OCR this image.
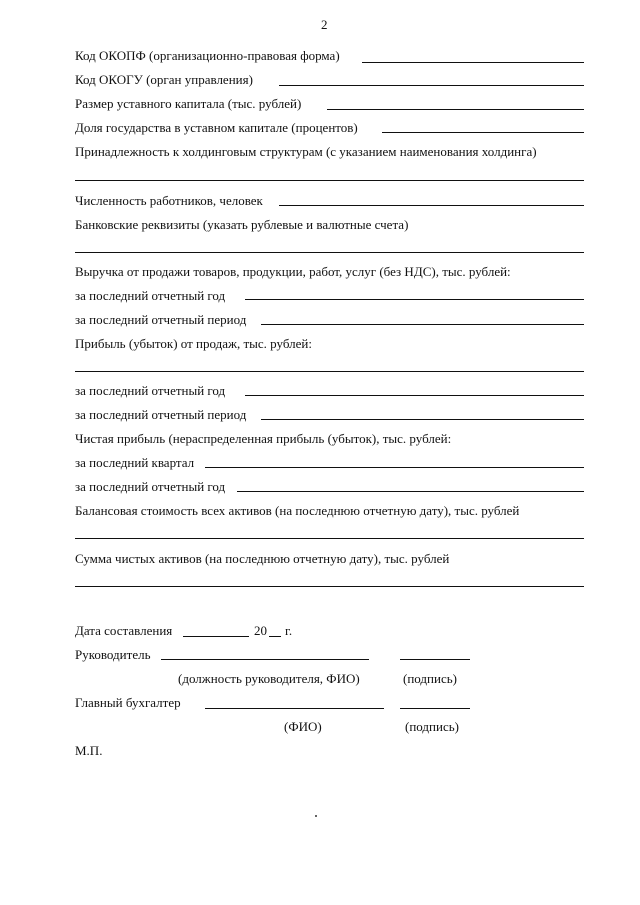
2
Код ОКОПФ (организационно-правовая форма)
Код ОКОГУ (орган управления)
Размер уставного капитала (тыс. рублей)
Доля государства в уставном капитале (процентов)
Принадлежность к холдинговым структурам (с указанием наименования холдинга)
Численность работников, человек
Банковские реквизиты (указать рублевые и валютные счета)
Выручка от продажи товаров, продукции, работ, услуг (без НДС), тыс. рублей:
за последний отчетный год
за последний отчетный период
Прибыль (убыток) от продаж, тыс. рублей:
за последний отчетный год
за последний отчетный период
Чистая прибыль (нераспределенная прибыль (убыток), тыс. рублей:
за последний квартал
за последний отчетный год
Балансовая стоимость всех активов (на последнюю отчетную дату), тыс. рублей
Сумма чистых активов (на последнюю отчетную дату), тыс. рублей
Дата составления	20 г.
Руководитель
(должность руководителя, ФИО)	(подпись)
Главный бухгалтер
(ФИО)	(подпись)
М.П.
